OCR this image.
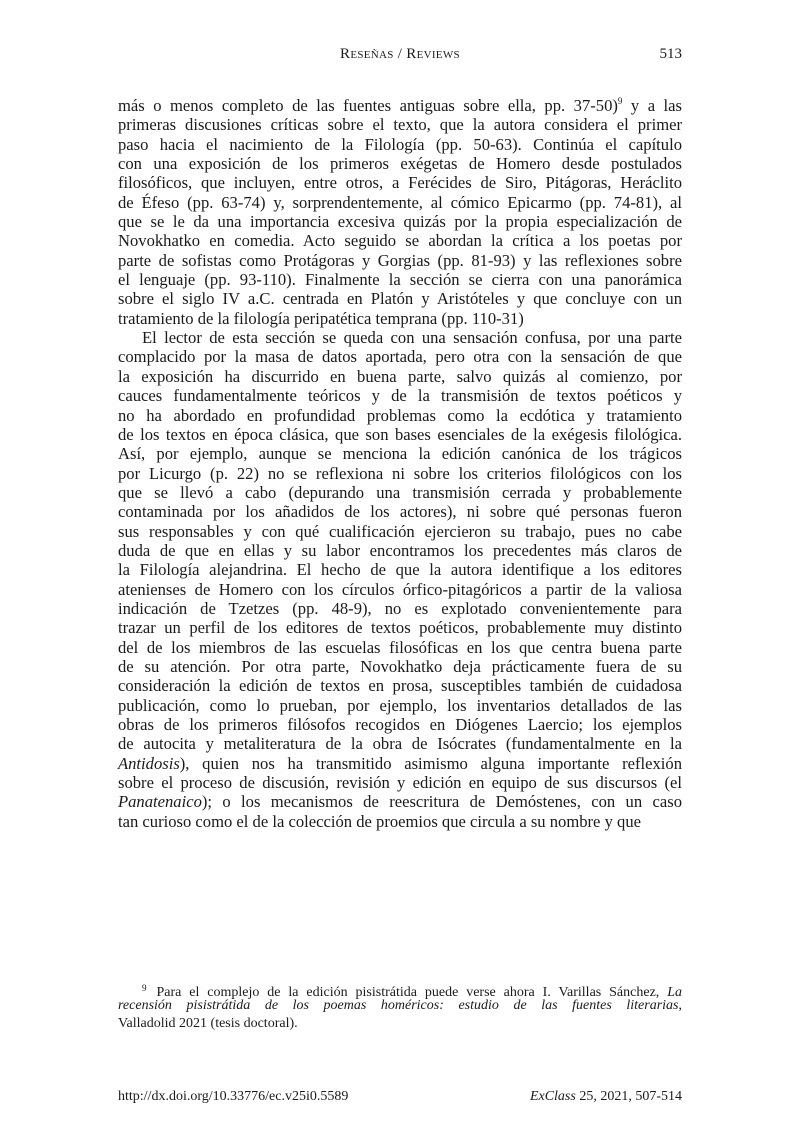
Reseñas / Reviews	513
más o menos completo de las fuentes antiguas sobre ella, pp. 37-50)$^9$ y a las
primeras discusiones críticas sobre el texto, que la autora considera el primer
paso hacia el nacimiento de la Filología (pp. 50-63). Continúa el capítulo
con una exposición de los primeros exégetas de Homero desde postulados
filosóficos, que incluyen, entre otros, a Ferécides de Siro, Pitágoras, Heráclito
de Éfeso (pp. 63-74) y, sorprendentemente, al cómico Epicarmo (pp. 74-81), al
que se le da una importancia excesiva quizás por la propia especialización de
Novokhatko en comedia. Acto seguido se abordan la crítica a los poetas por
parte de sofistas como Protágoras y Gorgias (pp. 81-93) y las reflexiones sobre
el lenguaje (pp. 93-110). Finalmente la sección se cierra con una panorámica
sobre el siglo IV a.C. centrada en Platón y Aristóteles y que concluye con un
tratamiento de la filología peripatética temprana (pp. 110-31)
El lector de esta sección se queda con una sensación confusa, por una parte
complacido por la masa de datos aportada, pero otra con la sensación de que
la exposición ha discurrido en buena parte, salvo quizás al comienzo, por
cauces fundamentalmente teóricos y de la transmisión de textos poéticos y
no ha abordado en profundidad problemas como la ecdótica y tratamiento
de los textos en época clásica, que son bases esenciales de la exégesis filológica.
Así, por ejemplo, aunque se menciona la edición canónica de los trágicos
por Licurgo (p. 22) no se reflexiona ni sobre los criterios filológicos con los
que se llevó a cabo (depurando una transmisión cerrada y probablemente
contaminada por los añadidos de los actores), ni sobre qué personas fueron
sus responsables y con qué cualificación ejercieron su trabajo, pues no cabe
duda de que en ellas y su labor encontramos los precedentes más claros de
la Filología alejandrina. El hecho de que la autora identifique a los editores
atenienses de Homero con los círculos órfico-pitagóricos a partir de la valiosa
indicación de Tzetzes (pp. 48-9), no es explotado convenientemente para
trazar un perfil de los editores de textos poéticos, probablemente muy distinto
del de los miembros de las escuelas filosóficas en los que centra buena parte
de su atención. Por otra parte, Novokhatko deja prácticamente fuera de su
consideración la edición de textos en prosa, susceptibles también de cuidadosa
publicación, como lo prueban, por ejemplo, los inventarios detallados de las
obras de los primeros filósofos recogidos en Diógenes Laercio; los ejemplos
de autocita y metaliteratura de la obra de Isócrates (fundamentalmente en la
Antidosis), quien nos ha transmitido asimismo alguna importante reflexión
sobre el proceso de discusión, revisión y edición en equipo de sus discursos (el
Panatenaico); o los mecanismos de reescritura de Demóstenes, con un caso
tan curioso como el de la colección de proemios que circula a su nombre y que
$^9$ Para el complejo de la edición pisistrátida puede verse ahora I. Varillas Sánchez, La
recensión pisistrátida de los poemas homéricos: estudio de las fuentes literarias,
Valladolid 2021 (tesis doctoral).
http://dx.doi.org/10.33776/ec.v25i0.5589	ExClass 25, 2021, 507-514
